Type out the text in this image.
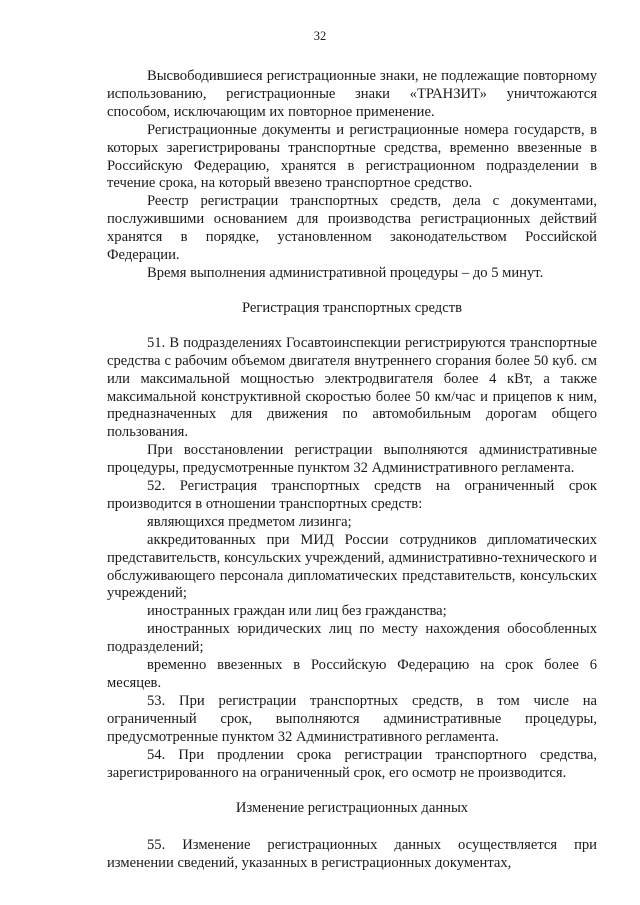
32

Высвободившиеся регистрационные знаки, не подлежащие повторному использованию, регистрационные знаки «ТРАНЗИТ» уничтожаются способом, исключающим их повторное применение.

Регистрационные документы и регистрационные номера государств, в которых зарегистрированы транспортные средства, временно ввезенные в Российскую Федерацию, хранятся в регистрационном подразделении в течение срока, на который ввезено транспортное средство.

Реестр регистрации транспортных средств, дела с документами, послужившими основанием для производства регистрационных действий хранятся в порядке, установленном законодательством Российской Федерации.

Время выполнения административной процедуры – до 5 минут.

Регистрация транспортных средств

51. В подразделениях Госавтоинспекции регистрируются транспортные средства с рабочим объемом двигателя внутреннего сгорания более 50 куб. см или максимальной мощностью электродвигателя более 4 кВт, а также максимальной конструктивной скоростью более 50 км/час и прицепов к ним, предназначенных для движения по автомобильным дорогам общего пользования.

При восстановлении регистрации выполняются административные процедуры, предусмотренные пунктом 32 Административного регламента.

52. Регистрация транспортных средств на ограниченный срок производится в отношении транспортных средств:

являющихся предметом лизинга;

аккредитованных при МИД России сотрудников дипломатических представительств, консульских учреждений, административно-технического и обслуживающего персонала дипломатических представительств, консульских учреждений;

иностранных граждан или лиц без гражданства;

иностранных юридических лиц по месту нахождения обособленных подразделений;

временно ввезенных в Российскую Федерацию на срок более 6 месяцев.

53. При регистрации транспортных средств, в том числе на ограниченный срок, выполняются административные процедуры, предусмотренные пунктом 32 Административного регламента.

54. При продлении срока регистрации транспортного средства, зарегистрированного на ограниченный срок, его осмотр не производится.

Изменение регистрационных данных

55. Изменение регистрационных данных осуществляется при изменении сведений, указанных в регистрационных документах,
